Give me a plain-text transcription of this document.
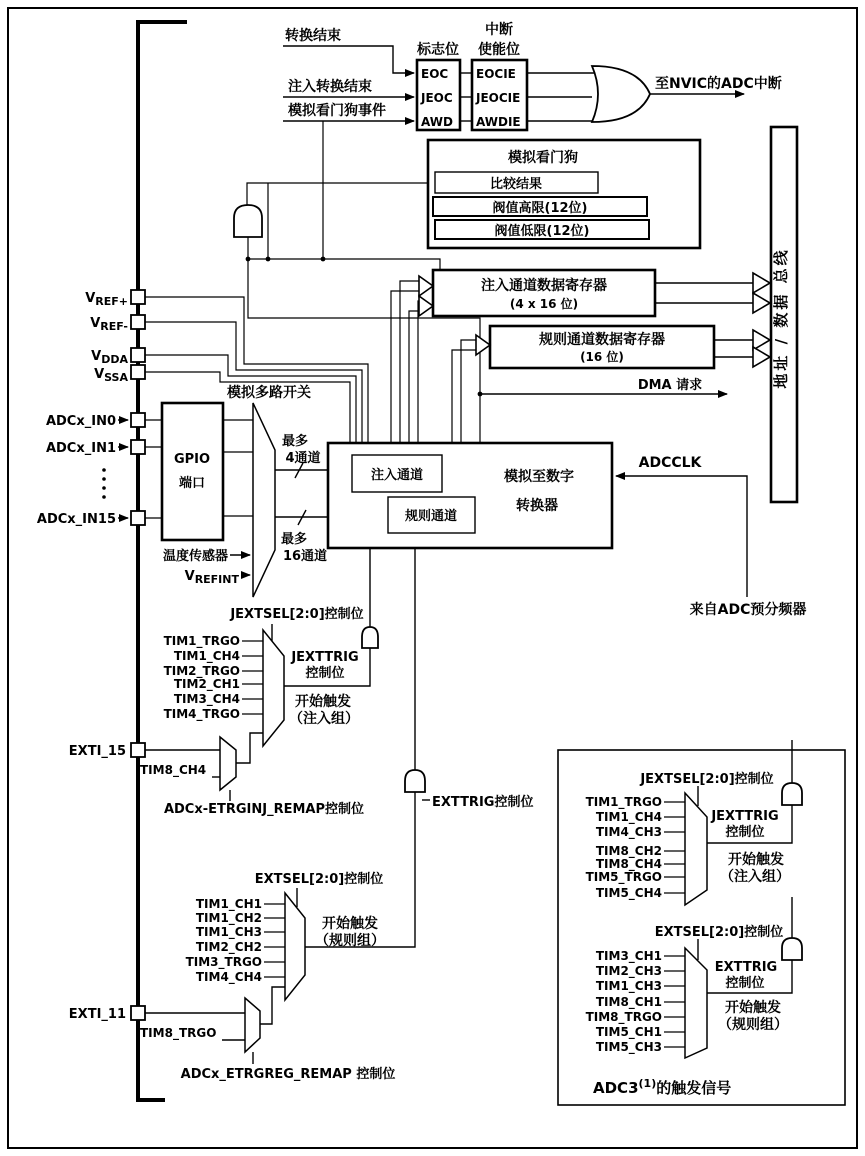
转换结束
注入转换结束
模拟看门狗事件
标志位
中断
使能位
EOC
JEOC
AWD
EOCIE
JEOCIE
AWDIE
至NVIC的ADC中断
模拟看门狗
比较结果
阀值高限(12位)
阀值低限(12位)
注入通道数据寄存器
(4 x 16 位)
规则通道数据寄存器
(16 位)
DMA 请求	地址 / 数据 总线
$V_{REF+}$
$V_{REF-}$
$V_{DDA}$
$V_{SSA}$
ADCx_IN0
ADCx_IN1
ADCx_IN15
EXTI_15
EXTI_11
模拟多路开关
GPIO
端口
最多
4通道
最多
16通道
温度传感器
$V_{REFINT}$
模拟至数字
转换器
注入通道
规则通道
ADCCLK
来自ADC预分频器
JEXTSEL[2:0]控制位
TIM1_TRGO
TIM1_CH4
TIM2_TRGO
TIM2_CH1
TIM3_CH4
TIM4_TRGO
JEXTTRIG
控制位
开始触发
（注入组）
TIM8_CH4
ADCx-ETRGINJ_REMAP控制位
EXTSEL[2:0]控制位
TIM1_CH1
TIM1_CH2
TIM1_CH3
TIM2_CH2
TIM3_TRGO
TIM4_CH4
EXTTRIG控制位
开始触发
（规则组）
TIM8_TRGO
ADCx_ETRGREG_REMAP 控制位
JEXTSEL[2:0]控制位
TIM1_TRGO
TIM1_CH4
TIM4_CH3
TIM8_CH2
TIM8_CH4
TIM5_TRGO
TIM5_CH4
JEXTTRIG
控制位
开始触发
（注入组）
EXTSEL[2:0]控制位
TIM3_CH1
TIM2_CH3
TIM1_CH3
TIM8_CH1
TIM8_TRGO
TIM5_CH1
TIM5_CH3
EXTTRIG
控制位
开始触发
（规则组）
ADC3$^{(1)}$的触发信号
